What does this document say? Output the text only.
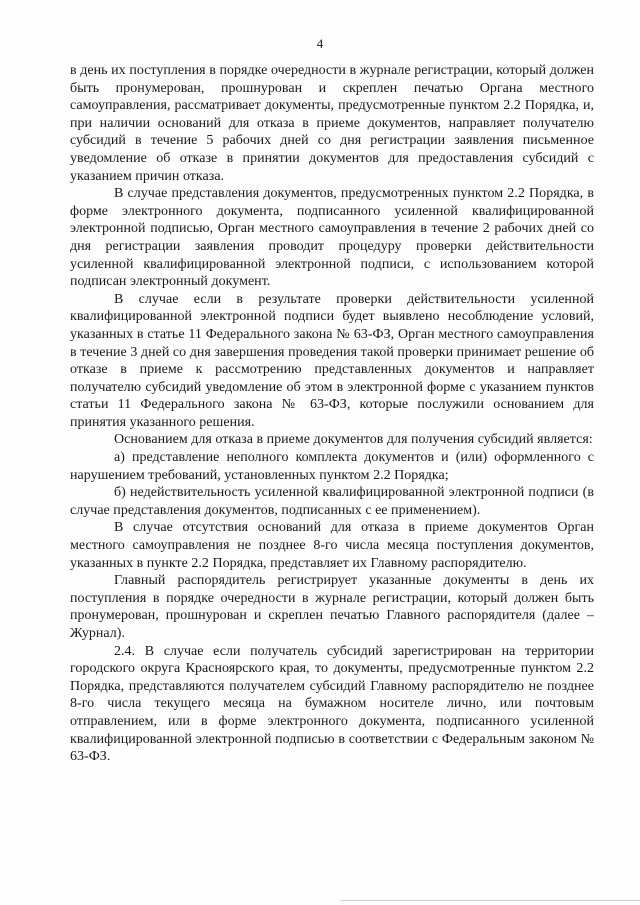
4

в день их поступления в порядке очередности в журнале регистрации, который должен быть пронумерован, прошнурован и скреплен печатью Органа местного самоуправления, рассматривает документы, предусмотренные пунктом 2.2 Порядка, и, при наличии оснований для отказа в приеме документов, направляет получателю субсидий в течение 5 рабочих дней со дня регистрации заявления письменное уведомление об отказе в принятии документов для предоставления субсидий с указанием причин отказа.

В случае представления документов, предусмотренных пунктом 2.2 Порядка, в форме электронного документа, подписанного усиленной квалифицированной электронной подписью, Орган местного самоуправления в течение 2 рабочих дней со дня регистрации заявления проводит процедуру проверки действительности усиленной квалифицированной электронной подписи, с использованием которой подписан электронный документ.

В случае если в результате проверки действительности усиленной квалифицированной электронной подписи будет выявлено несоблюдение условий, указанных в статье 11 Федерального закона № 63-ФЗ, Орган местного самоуправления в течение 3 дней со дня завершения проведения такой проверки принимает решение об отказе в приеме к рассмотрению представленных документов и направляет получателю субсидий уведомление об этом в электронной форме с указанием пунктов статьи 11 Федерального закона № 63-ФЗ, которые послужили основанием для принятия указанного решения.

Основанием для отказа в приеме документов для получения субсидий является:

а) представление неполного комплекта документов и (или) оформленного с нарушением требований, установленных пунктом 2.2 Порядка;

б) недействительность усиленной квалифицированной электронной подписи (в случае представления документов, подписанных с ее применением).

В случае отсутствия оснований для отказа в приеме документов Орган местного самоуправления не позднее 8-го числа месяца поступления документов, указанных в пункте 2.2 Порядка, представляет их Главному распорядителю.

Главный распорядитель регистрирует указанные документы в день их поступления в порядке очередности в журнале регистрации, который должен быть пронумерован, прошнурован и скреплен печатью Главного распорядителя (далее – Журнал).

2.4. В случае если получатель субсидий зарегистрирован на территории городского округа Красноярского края, то документы, предусмотренные пунктом 2.2 Порядка, представляются получателем субсидий Главному распорядителю не позднее 8-го числа текущего месяца на бумажном носителе лично, или почтовым отправлением, или в форме электронного документа, подписанного усиленной квалифицированной электронной подписью в соответствии с Федеральным законом № 63-ФЗ.
